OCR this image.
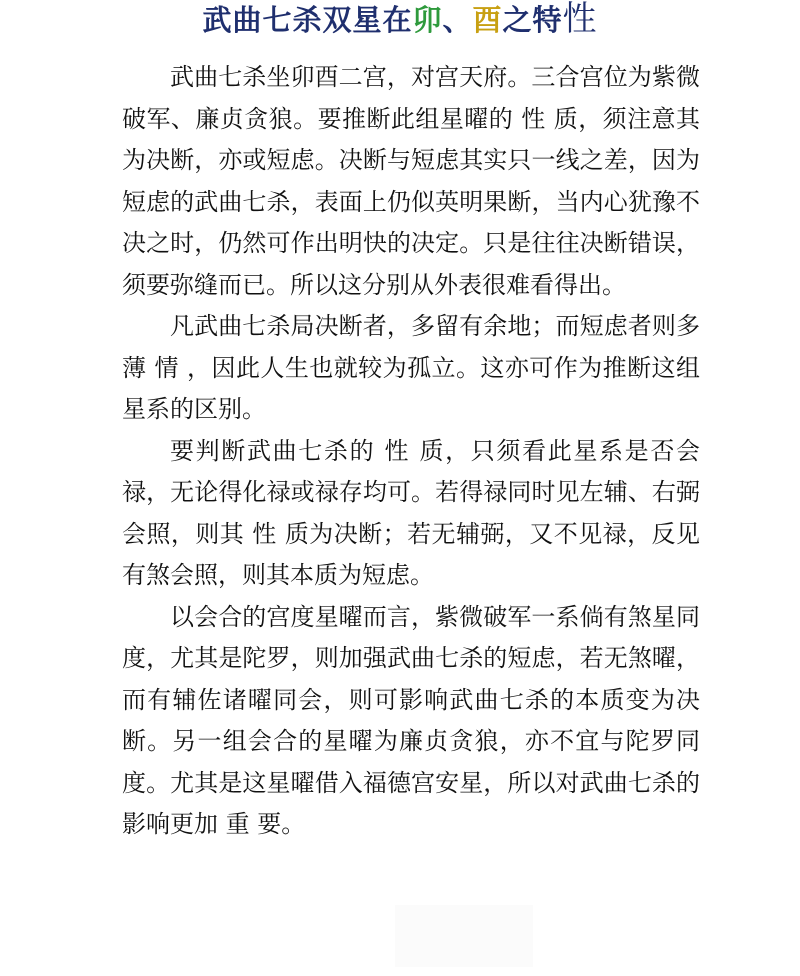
武曲七杀双星在卯、酉之特性

武曲七杀坐卯酉二宫，对宫天府。三合宫位为紫微破军、廉贞贪狼。要推断此组星曜的 性 质，须注意其为决断，亦或短虑。决断与短虑其实只一线之差，因为短虑的武曲七杀，表面上仍似英明果断，当内心犹豫不决之时，仍然可作出明快的决定。只是往往决断错误，须要弥缝而已。所以这分别从外表很难看得出。

凡武曲七杀局决断者，多留有余地；而短虑者则多薄 情 ，因此人生也就较为孤立。这亦可作为推断这组星系的区别。

要判断武曲七杀的 性 质，只须看此星系是否会禄，无论得化禄或禄存均可。若得禄同时见左辅、右弼会照，则其 性 质为决断；若无辅弼，又不见禄，反见有煞会照，则其本质为短虑。

以会合的宫度星曜而言，紫微破军一系倘有煞星同度，尤其是陀罗，则加强武曲七杀的短虑，若无煞曜，而有辅佐诸曜同会，则可影响武曲七杀的本质变为决断。另一组会合的星曜为廉贞贪狼，亦不宜与陀罗同度。尤其是这星曜借入福德宫安星，所以对武曲七杀的影响更加 重 要。
